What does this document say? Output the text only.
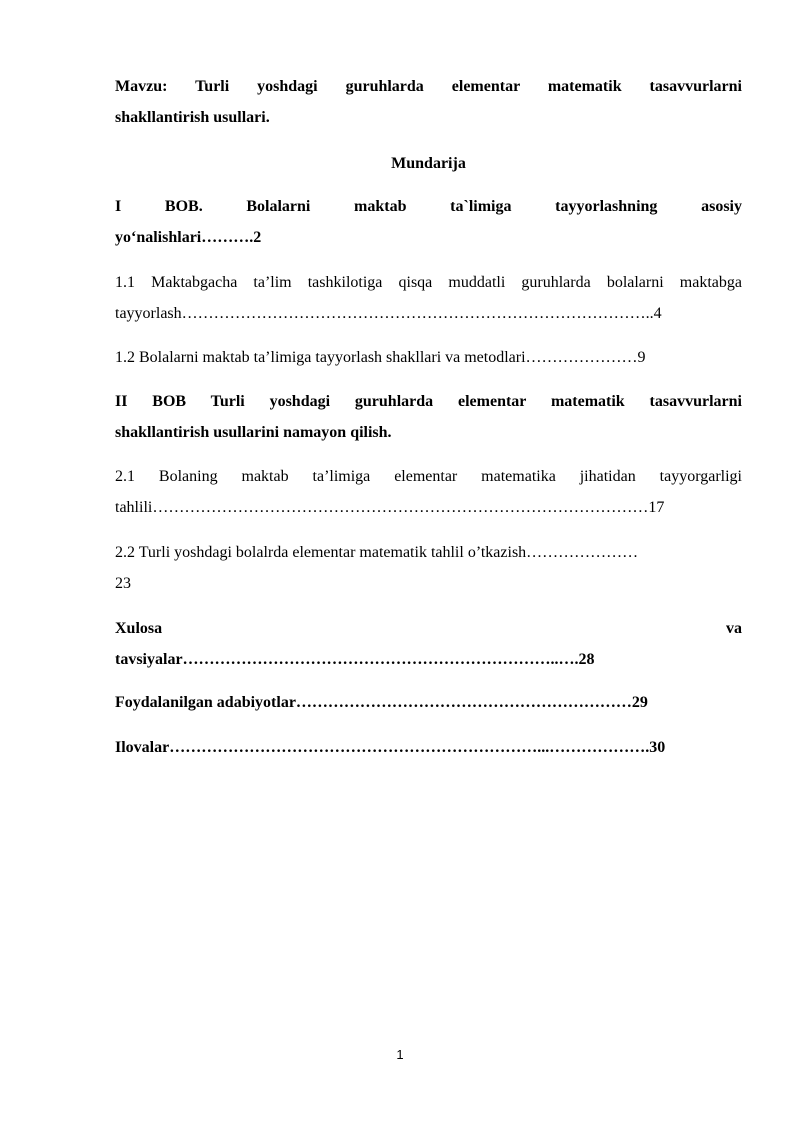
Mavzu: Turli yoshdagi guruhlarda elementar matematik tasavvurlarni
shakllantirish usullari.
Mundarija
I BOB. Bolalarni maktab ta`limiga tayyorlashning asosiy
yo‘nalishlari……….2
1.1 Maktabgacha ta’lim tashkilotiga qisqa muddatli guruhlarda bolalarni maktabga
tayyorlash……………………………………………………………………………..4
1.2 Bolalarni maktab ta’limiga tayyorlash shakllari va metodlari…………………9
II BOB Turli yoshdagi guruhlarda elementar matematik tasavvurlarni
shakllantirish usullarini namayon qilish.
2.1 Bolaning maktab ta’limiga elementar matematika jihatidan tayyorgarligi
tahlili…………………………………………………………………………………17
2.2 Turli yoshdagi bolalrda elementar matematik tahlil o’tkazish…………………
23
Xulosa va
tavsiyalar……………………………………………………………..….28
Foydalanilgan adabiyotlar………………………………………………………29
Ilovalar……………………………………………………………...……………….30
1
